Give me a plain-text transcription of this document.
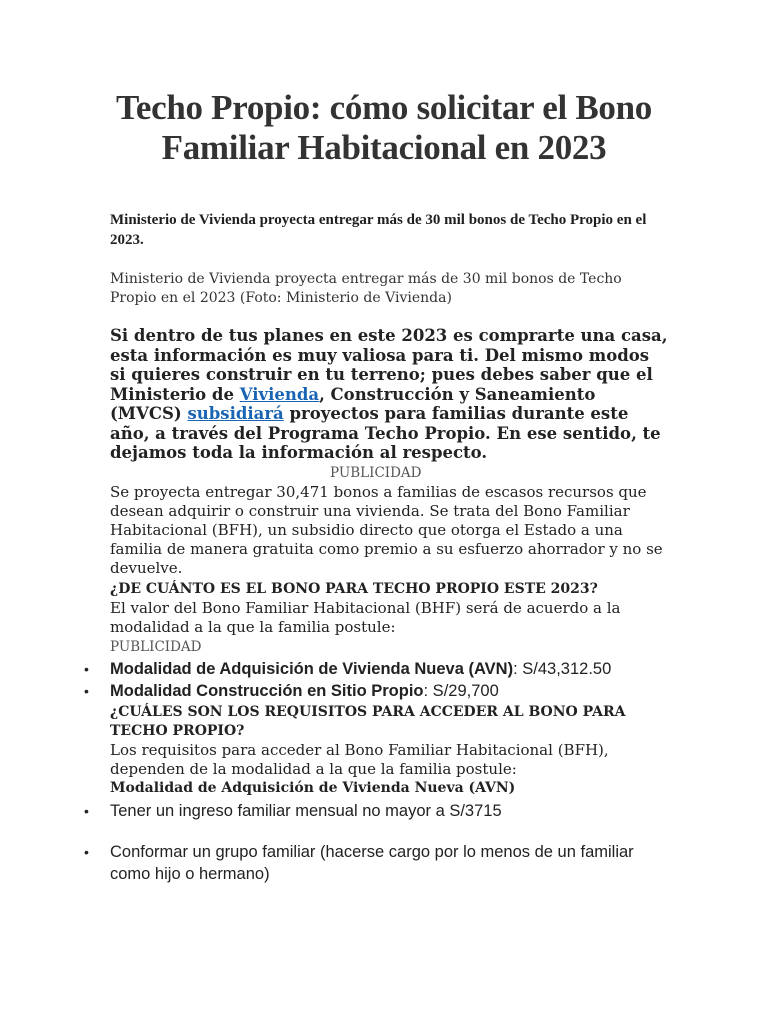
Techo Propio: cómo solicitar el Bono Familiar Habitacional en 2023

Ministerio de Vivienda proyecta entregar más de 30 mil bonos de Techo Propio en el 2023.

Ministerio de Vivienda proyecta entregar más de 30 mil bonos de Techo Propio en el 2023 (Foto: Ministerio de Vivienda)

Si dentro de tus planes en este 2023 es comprarte una casa, esta información es muy valiosa para ti. Del mismo modos si quieres construir en tu terreno; pues debes saber que el Ministerio de Vivienda, Construcción y Saneamiento (MVCS) subsidiará proyectos para familias durante este año, a través del Programa Techo Propio. En ese sentido, te dejamos toda la información al respecto.

PUBLICIDAD

Se proyecta entregar 30,471 bonos a familias de escasos recursos que desean adquirir o construir una vivienda. Se trata del Bono Familiar Habitacional (BFH), un subsidio directo que otorga el Estado a una familia de manera gratuita como premio a su esfuerzo ahorrador y no se devuelve.

¿DE CUÁNTO ES EL BONO PARA TECHO PROPIO ESTE 2023?

El valor del Bono Familiar Habitacional (BHF) será de acuerdo a la modalidad a la que la familia postule:

PUBLICIDAD

•	Modalidad de Adquisición de Vivienda Nueva (AVN): S/43,312.50
•	Modalidad Construcción en Sitio Propio: S/29,700

¿CUÁLES SON LOS REQUISITOS PARA ACCEDER AL BONO PARA TECHO PROPIO?

Los requisitos para acceder al Bono Familiar Habitacional (BFH), dependen de la modalidad a la que la familia postule:

Modalidad de Adquisición de Vivienda Nueva (AVN)

•	Tener un ingreso familiar mensual no mayor a S/3715
•	Conformar un grupo familiar (hacerse cargo por lo menos de un familiar como hijo o hermano)
